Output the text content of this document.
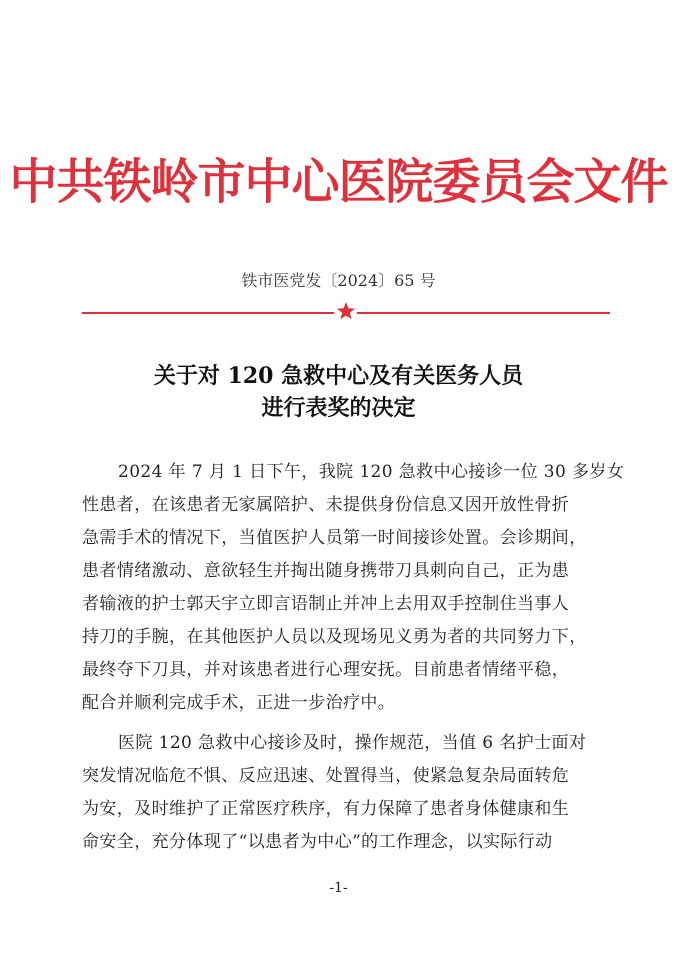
中共铁岭市中心医院委员会文件
铁市医党发〔2024〕65 号
关于对 120 急救中心及有关医务人员
进行表奖的决定
2024 年 7 月 1 日下午，我院 120 急救中心接诊一位 30 多岁女
性患者，在该患者无家属陪护、未提供身份信息又因开放性骨折
急需手术的情况下，当值医护人员第一时间接诊处置。会诊期间，
患者情绪激动、意欲轻生并掏出随身携带刀具刺向自己，正为患
者输液的护士郭天宇立即言语制止并冲上去用双手控制住当事人
持刀的手腕，在其他医护人员以及现场见义勇为者的共同努力下，
最终夺下刀具，并对该患者进行心理安抚。目前患者情绪平稳，
配合并顺利完成手术，正进一步治疗中。
医院 120 急救中心接诊及时，操作规范，当值 6 名护士面对
突发情况临危不惧、反应迅速、处置得当，使紧急复杂局面转危
为安，及时维护了正常医疗秩序，有力保障了患者身体健康和生
命安全，充分体现了“以患者为中心”的工作理念，以实际行动
-1-
